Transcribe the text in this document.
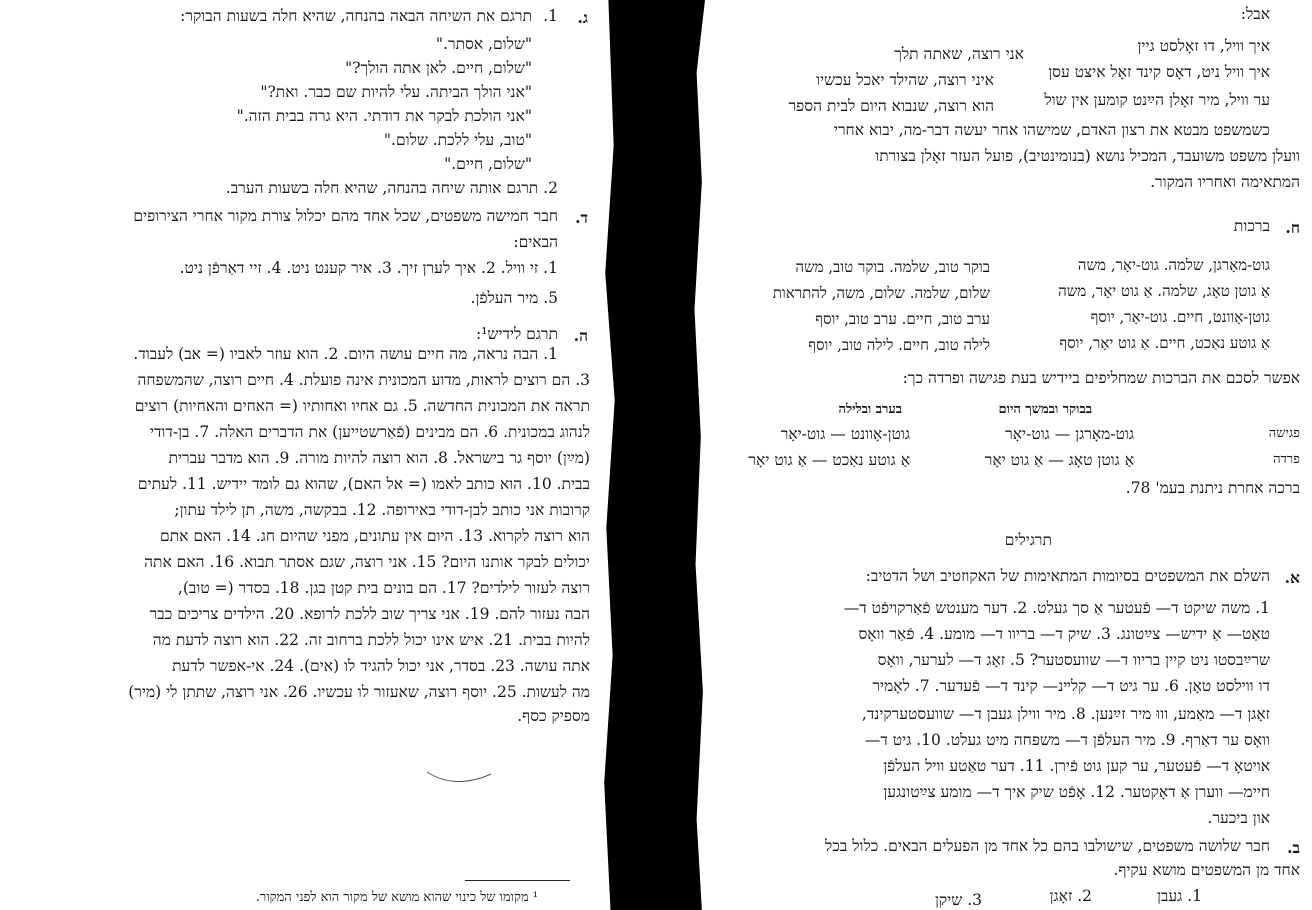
ג.
1.
תרגם את השיחה הבאה בהנחה, שהיא חלה בשעות הבוקר:
"שלום, אסתר."
"שלום, חיים. לאן אתה הולך?"
"אני הולך הביתה. עלי להיות שם כבר. ואת?"
"אני הולכת לבקר את דודתי. היא גרה בבית הזה."
"טוב, עלי ללכת. שלום."
"שלום, חיים."
2. תרגם אותה שיחה בהנחה, שהיא חלה בשעות הערב.
ד.
חבר חמישה משפטים, שכל אחד מהם יכלול צורת מקור אחרי הצירופים
הבאים:
1. זי וויל. 2. איך לערן זיך. 3. איר קענט ניט. 4. זיי דאַרפֿן ניט.
5. מיר העלפֿן.
ה.
תרגם לידיש¹:
1. הבה נראה, מה חיים עושה היום. 2. הוא עוזר לאביו (= אב) לעבוד.
3. הם רוצים לראות, מדוע המכונית אינה פועלת. 4. חיים רוצה, שהמשפחה
תראה את המכונית החדשה. 5. גם אחיו ואחותיו (= האחים והאחיות) רוצים
לנהוג במכונית. 6. הם מבינים (פֿאַרשטייען) את הדברים האלה. 7. בן-דודי
(מײַן) יוסף גר בישראל. 8. הוא רוצה להיות מורה. 9. הוא מדבר עברית
בבית. 10. הוא כותב לאמו (= אל האם), שהוא גם לומד יידיש. 11. לעתים
קרובות אני כותב לבן-דודי באירופה. 12. בבקשה, משה, תן לילד עתון;
הוא רוצה לקרוא. 13. היום אין עתונים, מפני שהיום חג. 14. האם אתם
יכולים לבקר אותנו היום? 15. אני רוצה, שגם אסתר תבוא. 16. האם אתה
רוצה לעזור לילדים? 17. הם בונים בית קטן בגן. 18. בסדר (= טוב),
הבה נעזור להם. 19. אני צריך שוב ללכת לרופא. 20. הילדים צריכים כבר
להיות בבית. 21. איש אינו יכול ללכת ברחוב זה. 22. הוא רוצה לדעת מה
אתה עושה. 23. בסדר, אני יכול להגיד לו (אים). 24. אי-אפשר לדעת
מה לעשות. 25. יוסף רוצה, שאעזור לו עכשיו. 26. אני רוצה, שתתן לי (מיר)
מספיק כסף.
¹ מקומו של כינוי שהוא מושא של מקור הוא לפני המקור.
אבל:
איך וויל, דו זאָלסט גיין
אני רוצה, שאתה תלך
איך וויל ניט, דאָס קינד זאָל איצט עסן
איני רוצה, שהילד יאכל עכשיו
ער וויל, מיר זאָלן הײַנט קומען אין שול
הוא רוצה, שנבוא היום לבית הספר
כשמשפט מבטא את רצון האדם, שמישהו אחר יעשה דבר-מה, יבוא אחרי
וועלן משפט משועבד, המכיל נושא (בנומינטיב), פועל העזר זאָלן בצורתו
המתאימה ואחריו המקור.
ח.
ברכות
גוט-מאָרגן, שלמה. גוט-יאָר, משה
בוקר טוב, שלמה. בוקר טוב, משה
אַ גוטן טאָג, שלמה. אַ גוט יאָר, משה
שלום, שלמה. שלום, משה, להתראות
גוטן-אָוונט, חיים. גוט-יאָר, יוסף
ערב טוב, חיים. ערב טוב, יוסף
אַ גוטע נאַכט, חיים. אַ גוט יאָר, יוסף
לילה טוב, חיים. לילה טוב, יוסף
אפשר לסכם את הברכות שמחליפים ביידיש בעת פגישה ופרדה כך:
בבוקר ובמשך היום
בערב ובלילה
פגישה
גוט-מאָרגן — גוט-יאָר
גוטן-אָוונט — גוט-יאָר
פרדה
אַ גוטן טאָג — אַ גוט יאָר
אַ גוטע נאַכט — אַ גוט יאָר
ברכה אחרת ניתנת בעמ' 78.
תרגילים
א.
השלם את המשפטים בסיומות המתאימות של האקוזטיב ושל הדטיב:
1. משה שיקט ד— פֿעטער אַ סך געלט. 2. דער מענטש פֿאַרקויפֿט ד—
טאַט— אַ ידיש— צײַטונג. 3. שיק ד— בריוו ד— מומע. 4. פֿאַר וואָס
שרײַבסטו ניט קיין בריוו ד— שוועסטער? 5. זאָג ד— לערער, וואָס
דו ווילסט טאָן. 6. ער גיט ד— קלײנ— קינד ד— פֿעדער. 7. לאָמיר
זאָגן ד— מאַמע, וווּ מיר זײַנען. 8. מיר ווילן געבן ד— שוועסטערקינד,
וואָס ער דאַרף. 9. מיר העלפֿן ד— משפחה מיט געלט. 10. גיט ד—
אויטאָ ד— פֿעטער, ער קען גוט פֿירן. 11. דער טאַטע וויל העלפֿן
חיימ— ווערן אַ דאָקטער. 12. אָפֿט שיק איך ד— מומע צײַטונגען
און ביכער.
ב.
חבר שלושה משפטים, שישולבו בהם כל אחד מן הפעלים הבאים. כלול בכל
אחד מן המשפטים מושא עקיף.
1. געבן
2. זאָגן
3. שיקן
